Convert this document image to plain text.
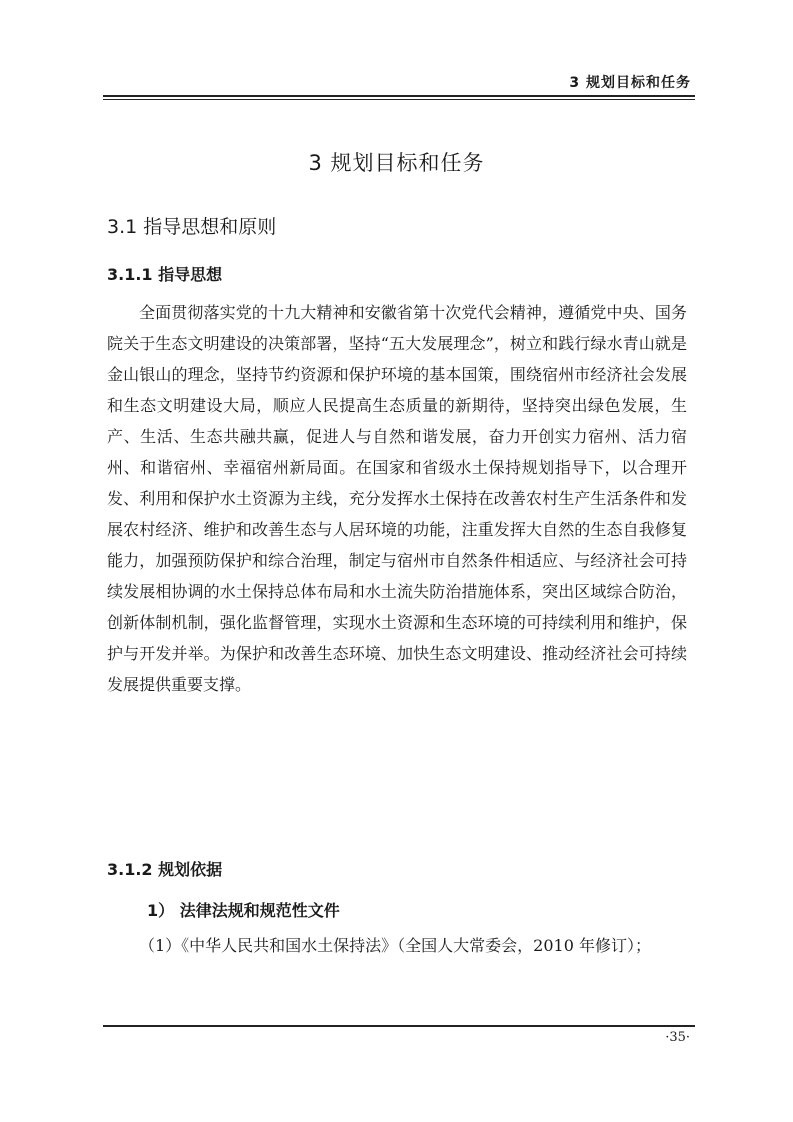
3 规划目标和任务
3 规划目标和任务
3.1 指导思想和原则
3.1.1 指导思想

全面贯彻落实党的十九大精神和安徽省第十次党代会精神，遵循党中央、国务院关于生态文明建设的决策部署，坚持“五大发展理念”，树立和践行绿水青山就是金山银山的理念，坚持节约资源和保护环境的基本国策，围绕宿州市经济社会发展和生态文明建设大局，顺应人民提高生态质量的新期待，坚持突出绿色发展，生产、生活、生态共融共赢，促进人与自然和谐发展，奋力开创实力宿州、活力宿州、和谐宿州、幸福宿州新局面。在国家和省级水土保持规划指导下，以合理开发、利用和保护水土资源为主线，充分发挥水土保持在改善农村生产生活条件和发展农村经济、维护和改善生态与人居环境的功能，注重发挥大自然的生态自我修复能力，加强预防保护和综合治理，制定与宿州市自然条件相适应、与经济社会可持续发展相协调的水土保持总体布局和水土流失防治措施体系，突出区域综合防治，创新体制机制，强化监督管理，实现水土资源和生态环境的可持续利用和维护，保护与开发并举。为保护和改善生态环境、加快生态文明建设、推动经济社会可持续发展提供重要支撑。

3.1.2 规划依据
1） 法律法规和规范性文件

（1）《中华人民共和国水土保持法》（全国人大常委会，2010 年修订）；

·35·
